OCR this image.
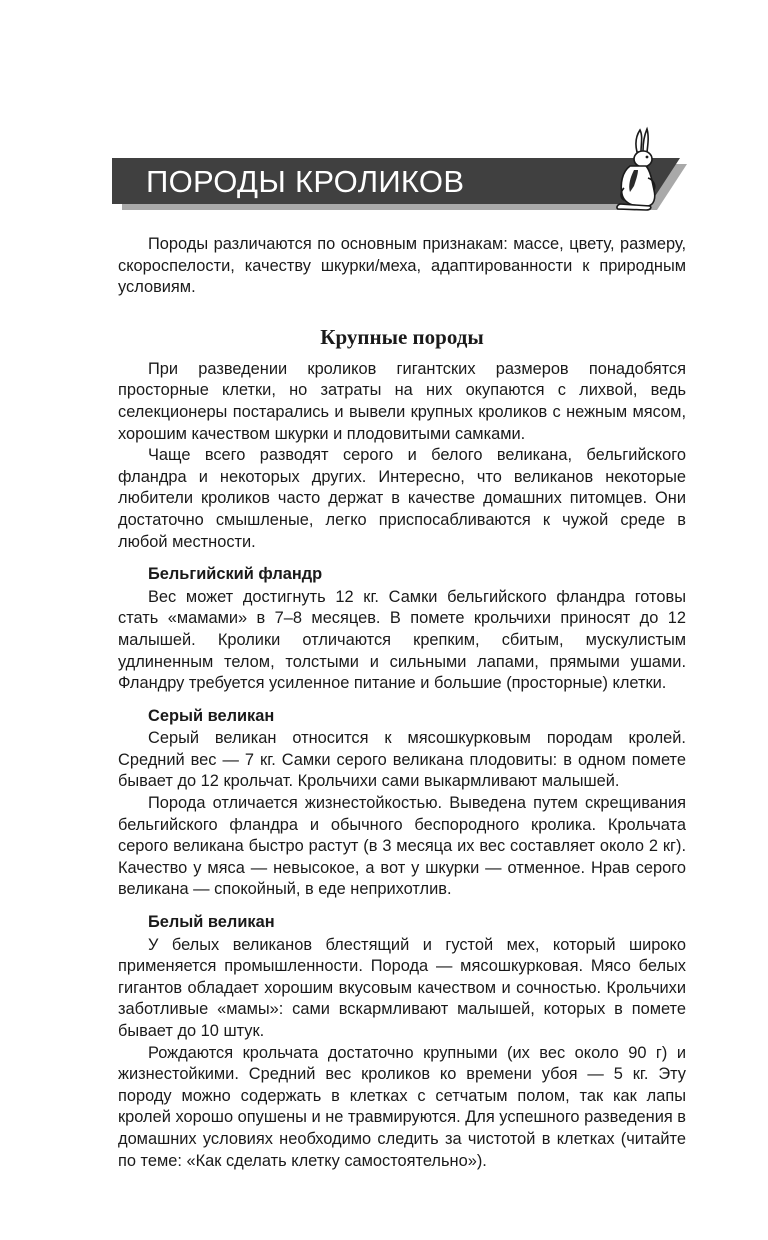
ПОРОДЫ КРОЛИКОВ

Породы различаются по основным признакам: массе, цвету, размеру, скороспелости, качеству шкурки/меха, адаптированности к природным условиям.

Крупные породы

При разведении кроликов гигантских размеров понадобятся просторные клетки, но затраты на них окупаются с лихвой, ведь селекционеры постарались и вывели крупных кроликов с нежным мясом, хорошим качеством шкурки и плодовитыми самками.

Чаще всего разводят серого и белого великана, бельгийского фландра и некоторых других. Интересно, что великанов некоторые любители кроликов часто держат в качестве домашних питомцев. Они достаточно смышленые, легко приспосабливаются к чужой среде в любой местности.

Бельгийский фландр

Вес может достигнуть 12 кг. Самки бельгийского фландра готовы стать «мамами» в 7–8 месяцев. В помете крольчихи приносят до 12 малышей. Кролики отличаются крепким, сбитым, мускулистым удлиненным телом, толстыми и сильными лапами, прямыми ушами. Фландру требуется усиленное питание и большие (просторные) клетки.

Серый великан

Серый великан относится к мясошкурковым породам кролей. Средний вес — 7 кг. Самки серого великана плодовиты: в одном помете бывает до 12 крольчат. Крольчихи сами выкармливают малышей.

Порода отличается жизнестойкостью. Выведена путем скрещивания бельгийского фландра и обычного беспородного кролика. Крольчата серого великана быстро растут (в 3 месяца их вес составляет около 2 кг). Качество у мяса — невысокое, а вот у шкурки — отменное. Нрав серого великана — спокойный, в еде неприхотлив.

Белый великан

У белых великанов блестящий и густой мех, который широко применяется промышленности. Порода — мясошкурковая. Мясо белых гигантов обладает хорошим вкусовым качеством и сочностью. Крольчихи заботливые «мамы»: сами вскармливают малышей, которых в помете бывает до 10 штук.

Рождаются крольчата достаточно крупными (их вес около 90 г) и жизнестойкими. Средний вес кроликов ко времени убоя — 5 кг. Эту породу можно содержать в клетках с сетчатым полом, так как лапы кролей хорошо опушены и не травмируются. Для успешного разведения в домашних условиях необходимо следить за чистотой в клетках (читайте по теме: «Как сделать клетку самостоятельно»).
